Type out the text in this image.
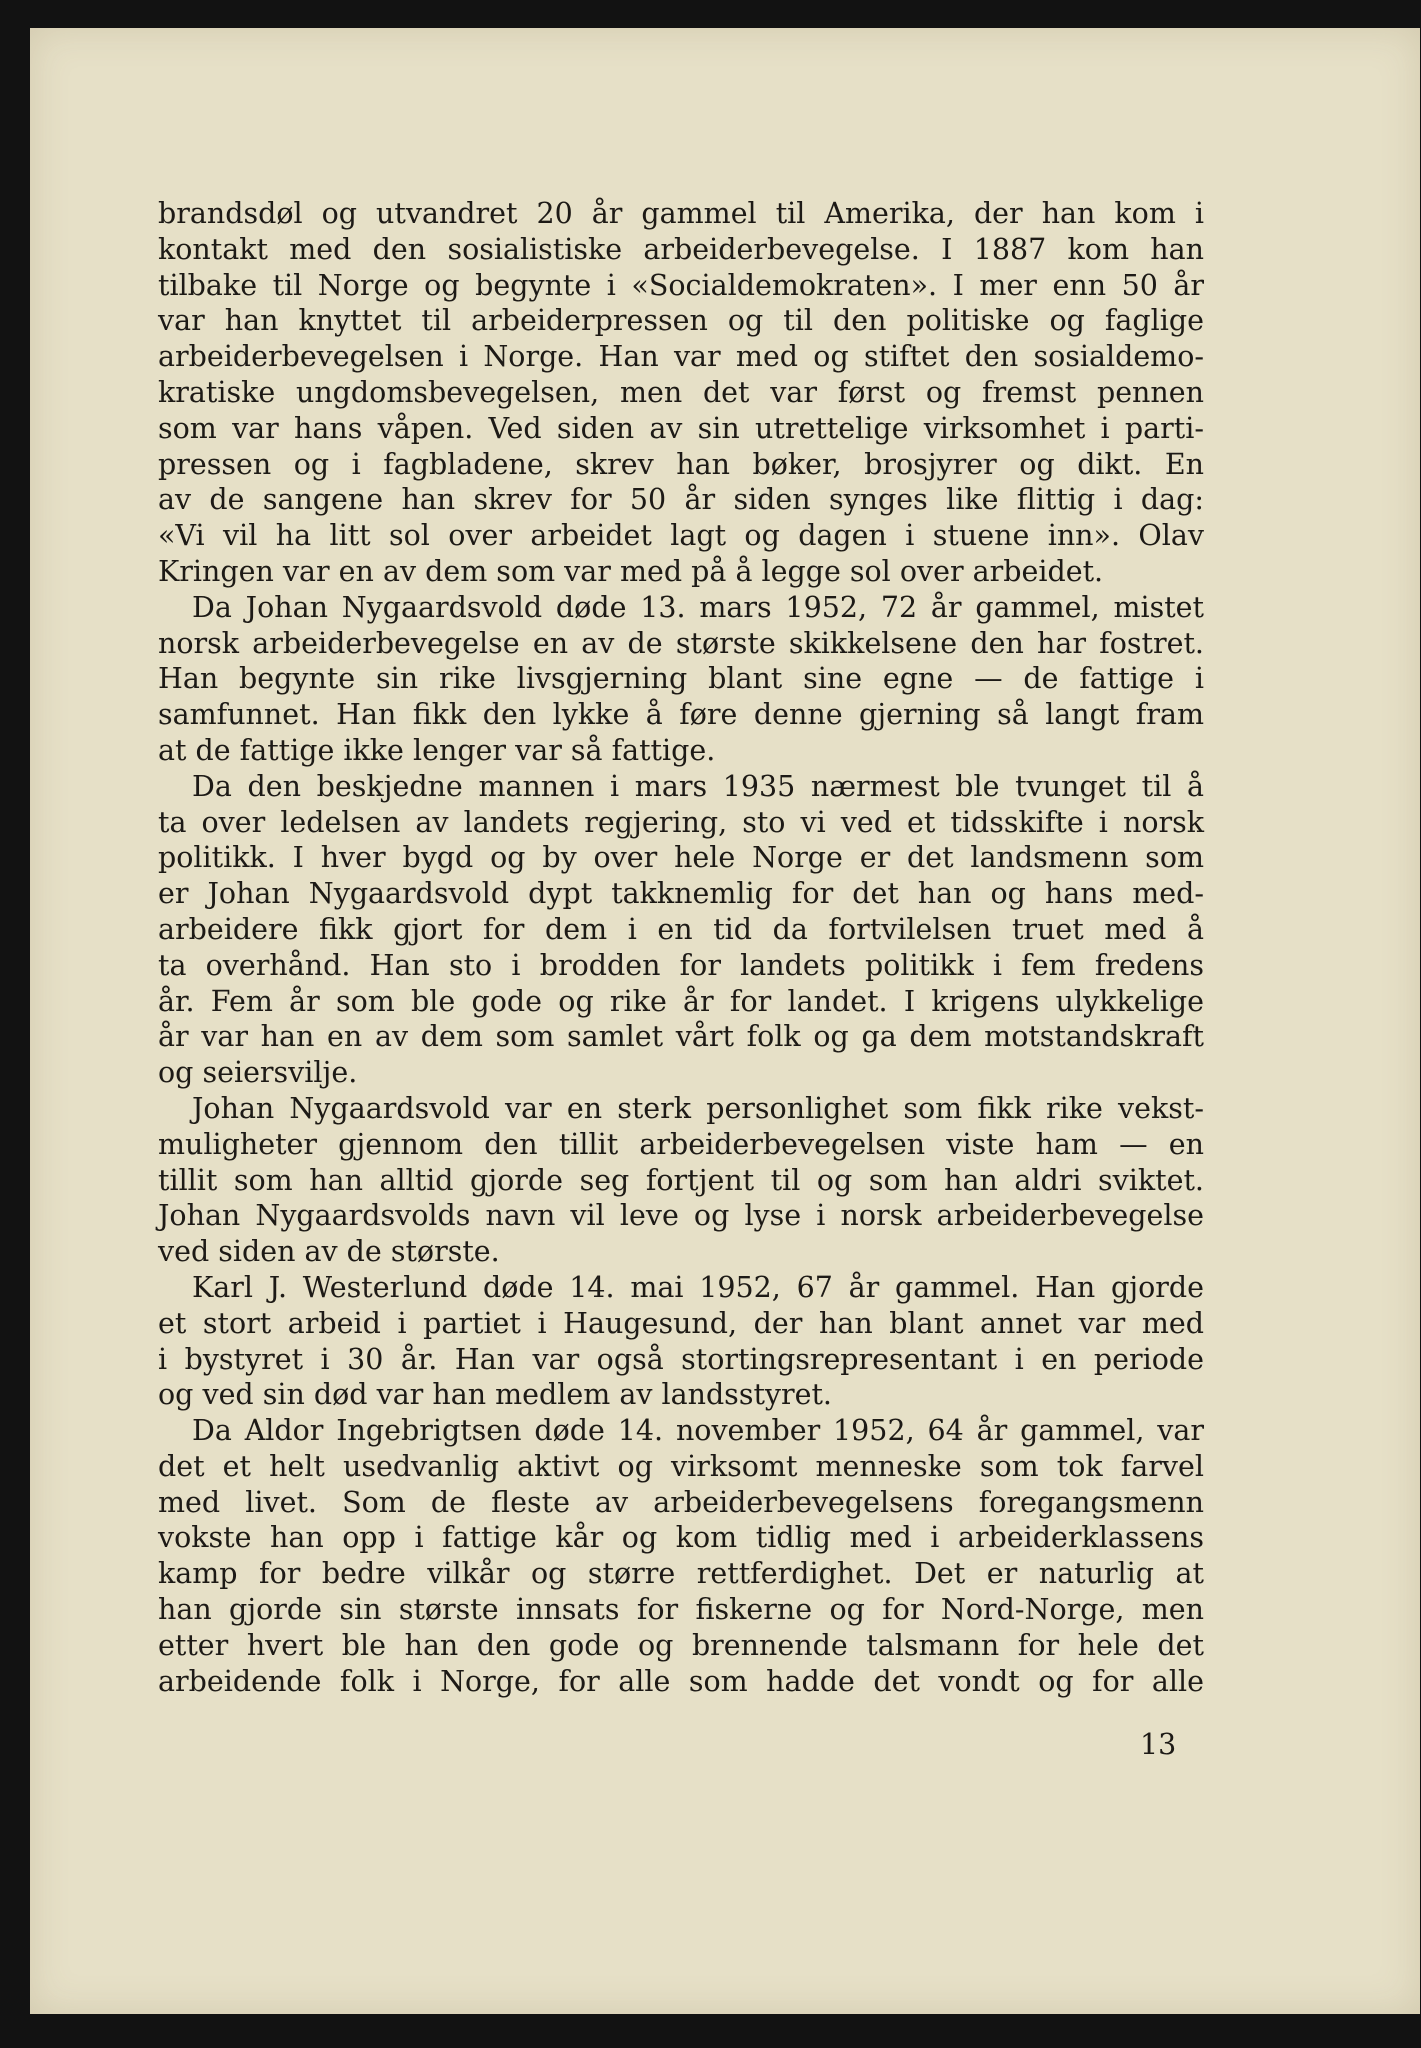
brandsdøl og utvandret 20 år gammel til Amerika, der han kom i
kontakt med den sosialistiske arbeiderbevegelse. I 1887 kom han
tilbake til Norge og begynte i «Socialdemokraten». I mer enn 50 år
var han knyttet til arbeiderpressen og til den politiske og faglige
arbeiderbevegelsen i Norge. Han var med og stiftet den sosialdemo-
kratiske ungdomsbevegelsen, men det var først og fremst pennen
som var hans våpen. Ved siden av sin utrettelige virksomhet i parti-
pressen og i fagbladene, skrev han bøker, brosjyrer og dikt. En
av de sangene han skrev for 50 år siden synges like flittig i dag:
«Vi vil ha litt sol over arbeidet lagt og dagen i stuene inn». Olav
Kringen var en av dem som var med på å legge sol over arbeidet.
Da Johan Nygaardsvold døde 13. mars 1952, 72 år gammel, mistet
norsk arbeiderbevegelse en av de største skikkelsene den har fostret.
Han begynte sin rike livsgjerning blant sine egne — de fattige i
samfunnet. Han fikk den lykke å føre denne gjerning så langt fram
at de fattige ikke lenger var så fattige.
Da den beskjedne mannen i mars 1935 nærmest ble tvunget til å
ta over ledelsen av landets regjering, sto vi ved et tidsskifte i norsk
politikk. I hver bygd og by over hele Norge er det landsmenn som
er Johan Nygaardsvold dypt takknemlig for det han og hans med-
arbeidere fikk gjort for dem i en tid da fortvilelsen truet med å
ta overhånd. Han sto i brodden for landets politikk i fem fredens
år. Fem år som ble gode og rike år for landet. I krigens ulykkelige
år var han en av dem som samlet vårt folk og ga dem motstandskraft
og seiersvilje.
Johan Nygaardsvold var en sterk personlighet som fikk rike vekst-
muligheter gjennom den tillit arbeiderbevegelsen viste ham — en
tillit som han alltid gjorde seg fortjent til og som han aldri sviktet.
Johan Nygaardsvolds navn vil leve og lyse i norsk arbeiderbevegelse
ved siden av de største.
Karl J. Westerlund døde 14. mai 1952, 67 år gammel. Han gjorde
et stort arbeid i partiet i Haugesund, der han blant annet var med
i bystyret i 30 år. Han var også stortingsrepresentant i en periode
og ved sin død var han medlem av landsstyret.
Da Aldor Ingebrigtsen døde 14. november 1952, 64 år gammel, var
det et helt usedvanlig aktivt og virksomt menneske som tok farvel
med livet. Som de fleste av arbeiderbevegelsens foregangsmenn
vokste han opp i fattige kår og kom tidlig med i arbeiderklassens
kamp for bedre vilkår og større rettferdighet. Det er naturlig at
han gjorde sin største innsats for fiskerne og for Nord-Norge, men
etter hvert ble han den gode og brennende talsmann for hele det
arbeidende folk i Norge, for alle som hadde det vondt og for alle
13
